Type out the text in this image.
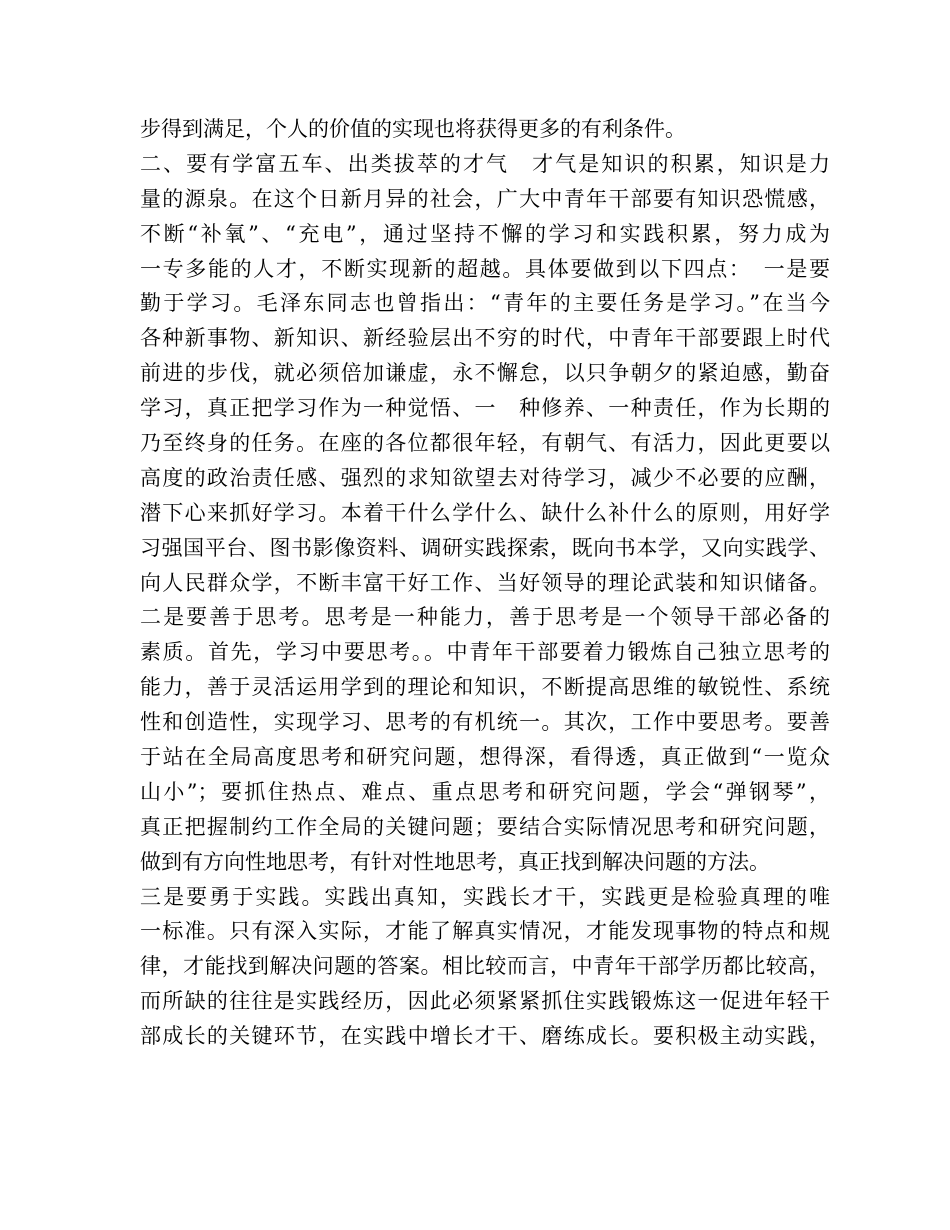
步得到满足，个人的价值的实现也将获得更多的有利条件。
二、要有学富五车、出类拔萃的才气　才气是知识的积累，知识是力
量的源泉。在这个日新月异的社会，广大中青年干部要有知识恐慌感，
不断“补氧”、“充电”，通过坚持不懈的学习和实践积累，努力成为
一专多能的人才，不断实现新的超越。具体要做到以下四点：　一是要
勤于学习。毛泽东同志也曾指出：“青年的主要任务是学习。”在当今
各种新事物、新知识、新经验层出不穷的时代，中青年干部要跟上时代
前进的步伐，就必须倍加谦虚，永不懈怠，以只争朝夕的紧迫感，勤奋
学习，真正把学习作为一种觉悟、一　种修养、一种责任，作为长期的
乃至终身的任务。在座的各位都很年轻，有朝气、有活力，因此更要以
高度的政治责任感、强烈的求知欲望去对待学习，减少不必要的应酬，
潜下心来抓好学习。本着干什么学什么、缺什么补什么的原则，用好学
习强国平台、图书影像资料、调研实践探索，既向书本学，又向实践学、
向人民群众学，不断丰富干好工作、当好领导的理论武装和知识储备。
二是要善于思考。思考是一种能力，善于思考是一个领导干部必备的
素质。首先，学习中要思考。。中青年干部要着力锻炼自己独立思考的
能力，善于灵活运用学到的理论和知识，不断提高思维的敏锐性、系统
性和创造性，实现学习、思考的有机统一。其次，工作中要思考。要善
于站在全局高度思考和研究问题，想得深，看得透，真正做到“一览众
山小”；要抓住热点、难点、重点思考和研究问题，学会“弹钢琴”，
真正把握制约工作全局的关键问题；要结合实际情况思考和研究问题，
做到有方向性地思考，有针对性地思考，真正找到解决问题的方法。
三是要勇于实践。实践出真知，实践长才干，实践更是检验真理的唯
一标准。只有深入实际，才能了解真实情况，才能发现事物的特点和规
律，才能找到解决问题的答案。相比较而言，中青年干部学历都比较高，
而所缺的往往是实践经历，因此必须紧紧抓住实践锻炼这一促进年轻干
部成长的关键环节，在实践中增长才干、磨练成长。要积极主动实践，
